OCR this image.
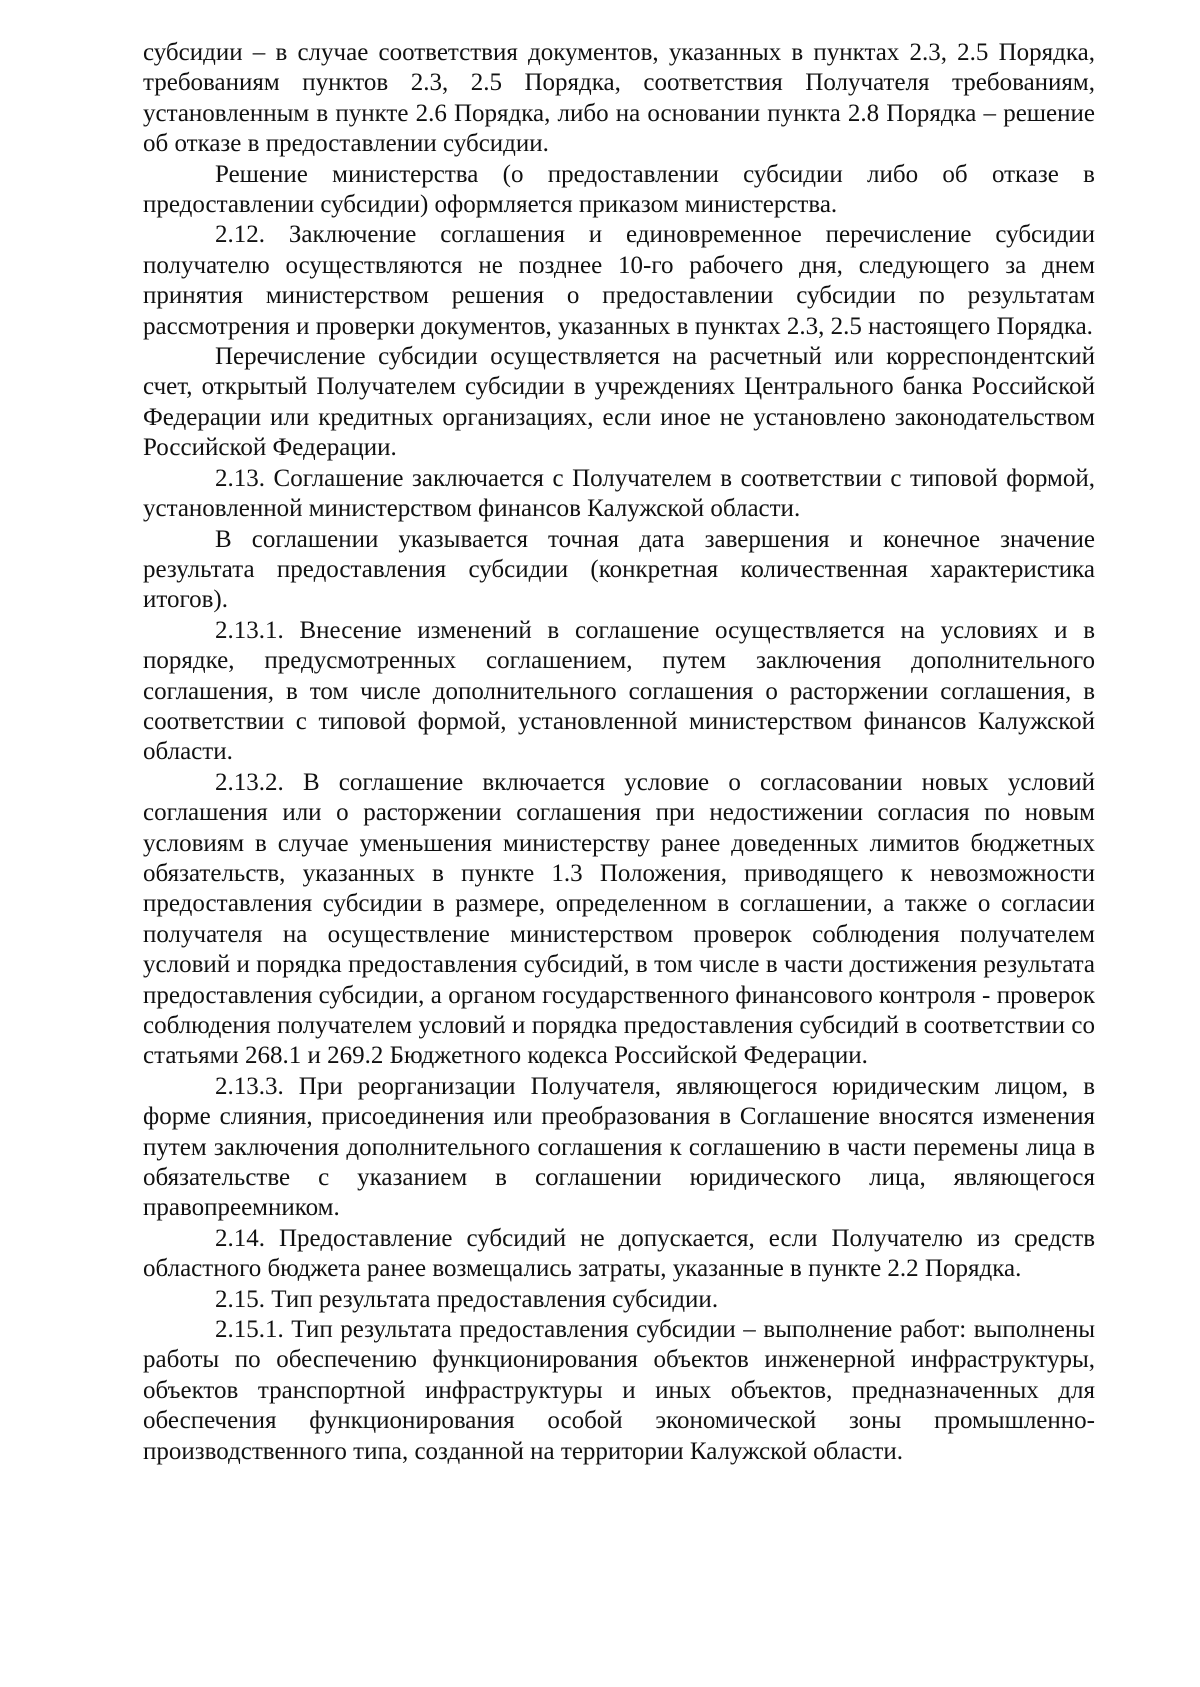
субсидии – в случае соответствия документов, указанных в пунктах 2.3, 2.5 Порядка, требованиям пунктов 2.3, 2.5 Порядка, соответствия Получателя требованиям, установленным в пункте 2.6 Порядка, либо на основании пункта 2.8 Порядка – решение об отказе в предоставлении субсидии.

Решение министерства (о предоставлении субсидии либо об отказе в предоставлении субсидии) оформляется приказом министерства.

2.12. Заключение соглашения и единовременное перечисление субсидии получателю осуществляются не позднее 10-го рабочего дня, следующего за днем принятия министерством решения о предоставлении субсидии по результатам рассмотрения и проверки документов, указанных в пунктах 2.3, 2.5 настоящего Порядка.

Перечисление субсидии осуществляется на расчетный или корреспондентский счет, открытый Получателем субсидии в учреждениях Центрального банка Российской Федерации или кредитных организациях, если иное не установлено законодательством Российской Федерации.

2.13. Соглашение заключается с Получателем в соответствии с типовой формой, установленной министерством финансов Калужской области.

В соглашении указывается точная дата завершения и конечное значение результата предоставления субсидии (конкретная количественная характеристика итогов).

2.13.1. Внесение изменений в соглашение осуществляется на условиях и в порядке, предусмотренных соглашением, путем заключения дополнительного соглашения, в том числе дополнительного соглашения о расторжении соглашения, в соответствии с типовой формой, установленной министерством финансов Калужской области.

2.13.2. В соглашение включается условие о согласовании новых условий соглашения или о расторжении соглашения при недостижении согласия по новым условиям в случае уменьшения министерству ранее доведенных лимитов бюджетных обязательств, указанных в пункте 1.3 Положения, приводящего к невозможности предоставления субсидии в размере, определенном в соглашении, а также о согласии получателя на осуществление министерством проверок соблюдения получателем условий и порядка предоставления субсидий, в том числе в части достижения результата предоставления субсидии, а органом государственного финансового контроля - проверок соблюдения получателем условий и порядка предоставления субсидий в соответствии со статьями 268.1 и 269.2 Бюджетного кодекса Российской Федерации.

2.13.3. При реорганизации Получателя, являющегося юридическим лицом, в форме слияния, присоединения или преобразования в Соглашение вносятся изменения путем заключения дополнительного соглашения к соглашению в части перемены лица в обязательстве с указанием в соглашении юридического лица, являющегося правопреемником.

2.14. Предоставление субсидий не допускается, если Получателю из средств областного бюджета ранее возмещались затраты, указанные в пункте 2.2 Порядка.

2.15. Тип результата предоставления субсидии.

2.15.1. Тип результата предоставления субсидии – выполнение работ: выполнены работы по обеспечению функционирования объектов инженерной инфраструктуры, объектов транспортной инфраструктуры и иных объектов, предназначенных для обеспечения функционирования особой экономической зоны промышленно-производственного типа, созданной на территории Калужской области.
